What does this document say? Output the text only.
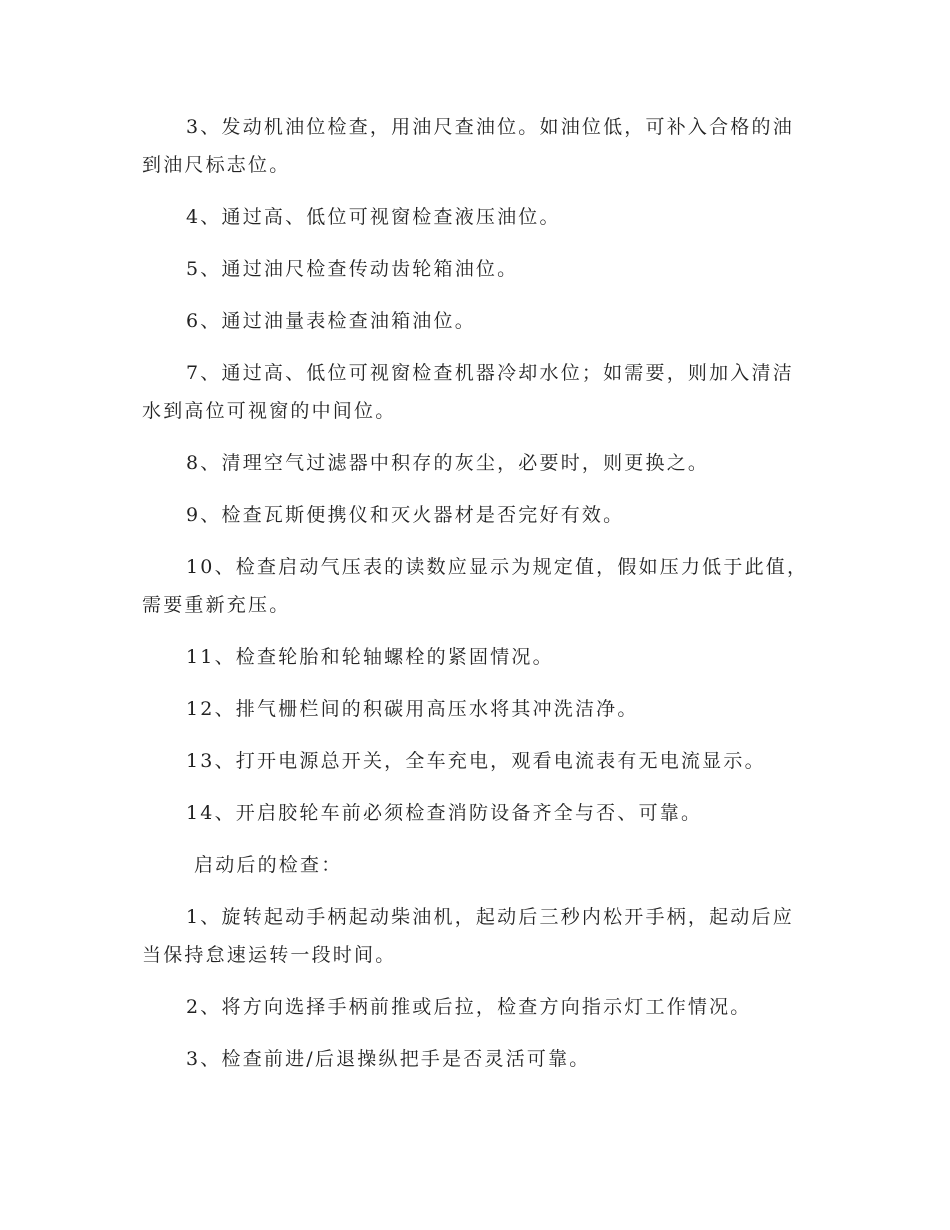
3、发动机油位检查，用油尺查油位。如油位低，可补入合格的油到油尺标志位。

4、通过高、低位可视窗检查液压油位。

5、通过油尺检查传动齿轮箱油位。

6、通过油量表检查油箱油位。

7、通过高、低位可视窗检查机器冷却水位；如需要，则加入清洁水到高位可视窗的中间位。

8、清理空气过滤器中积存的灰尘，必要时，则更换之。

9、检查瓦斯便携仪和灭火器材是否完好有效。

10、检查启动气压表的读数应显示为规定值，假如压力低于此值，需要重新充压。

11、检查轮胎和轮轴螺栓的紧固情况。

12、排气栅栏间的积碳用高压水将其冲洗洁净。

13、打开电源总开关，全车充电，观看电流表有无电流显示。

14、开启胶轮车前必须检查消防设备齐全与否、可靠。

启动后的检查：

1、旋转起动手柄起动柴油机，起动后三秒内松开手柄，起动后应当保持怠速运转一段时间。

2、将方向选择手柄前推或后拉，检查方向指示灯工作情况。

3、检查前进/后退操纵把手是否灵活可靠。
